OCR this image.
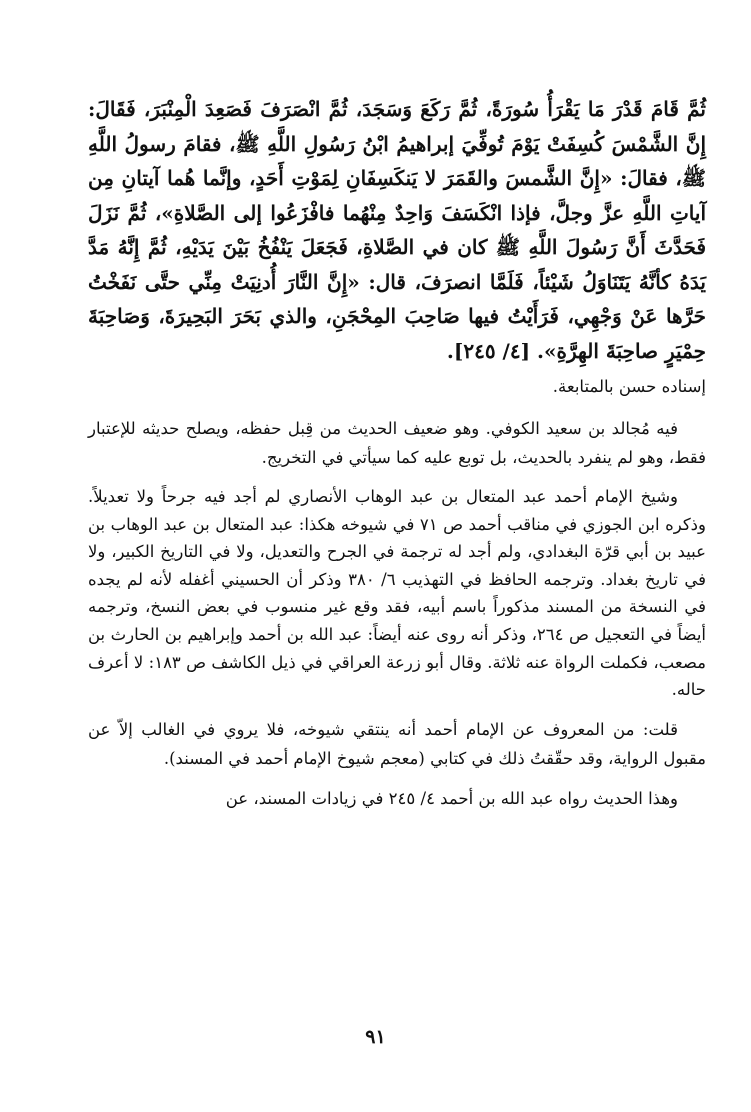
ثُمَّ قَامَ قَدْرَ مَا يَقْرَأُ سُورَةً، ثُمَّ رَكَعَ وَسَجَدَ، ثُمَّ انْصَرَفَ فَصَعِدَ الْمِنْبَرَ، فَقَالَ: إِنَّ الشَّمْسَ كُسِفَتْ يَوْمَ تُوفِّيَ إبراهيمُ ابْنُ رَسُولِ اللَّهِ ﷺ، فقامَ رسولُ اللَّهِ ﷺ، فقالَ: «إِنَّ الشَّمسَ والقَمَرَ لا يَنكَسِفَانِ لِمَوْتِ أَحَدٍ، وإنَّما هُما آيتانِ مِن آياتِ اللَّهِ عزَّ وجلَّ، فإذا انْكَسَفَ وَاحِدٌ مِنْهُما فافْزَعُوا إلى الصَّلاةِ»، ثُمَّ نَزَلَ فَحَدَّثَ أَنَّ رَسُولَ اللَّهِ ﷺ كان في الصَّلاةِ، فَجَعَلَ يَنْفُخُ بَيْنَ يَدَيْهِ، ثُمَّ إِنَّهُ مَدَّ يَدَهُ كأنَّهُ يَتَنَاوَلُ شَيْئاً، فَلَمَّا انصرَفَ، قال: «إِنَّ النَّارَ أُدنِيَتْ مِنِّي حتَّى نَفَخْتُ حَرَّها عَنْ وَجْهِي، فَرَأَيْتُ فيها صَاحِبَ المِحْجَنِ، والذي بَحَرَ البَحِيرَةَ، وَصَاحِبَةَ حِمْيَرٍ صاحِبَةَ الهِرَّةِ». [٤/ ٢٤٥].

إسناده حسن بالمتابعة.

فيه مُجالد بن سعيد الكوفي. وهو ضعيف الحديث من قِبل حفظه، ويصلح حديثه للإعتبار فقط، وهو لم ينفرد بالحديث، بل توبع عليه كما سيأتي في التخريج.

وشيخ الإمام أحمد عبد المتعال بن عبد الوهاب الأنصاري لم أجد فيه جرحاً ولا تعديلاً. وذكره ابن الجوزي في مناقب أحمد ص ٧١ في شيوخه هكذا: عبد المتعال بن عبد الوهاب بن عبيد بن أبي قرّة البغدادي، ولم أجد له ترجمة في الجرح والتعديل، ولا في التاريخ الكبير، ولا في تاريخ بغداد. وترجمه الحافظ في التهذيب ٦/ ٣٨٠ وذكر أن الحسيني أغفله لأنه لم يجده في النسخة من المسند مذكوراً باسم أبيه، فقد وقع غير منسوب في بعض النسخ، وترجمه أيضاً في التعجيل ص ٢٦٤، وذكر أنه روى عنه أيضاً: عبد الله بن أحمد وإبراهيم بن الحارث بن مصعب، فكملت الرواة عنه ثلاثة. وقال أبو زرعة العراقي في ذيل الكاشف ص ١٨٣: لا أعرف حاله.

قلت: من المعروف عن الإمام أحمد أنه ينتقي شيوخه، فلا يروي في الغالب إلاّ عن مقبول الرواية، وقد حقّقتُ ذلك في كتابي (معجم شيوخ الإمام أحمد في المسند).

وهذا الحديث رواه عبد الله بن أحمد ٤/ ٢٤٥ في زيادات المسند، عن

٩١
